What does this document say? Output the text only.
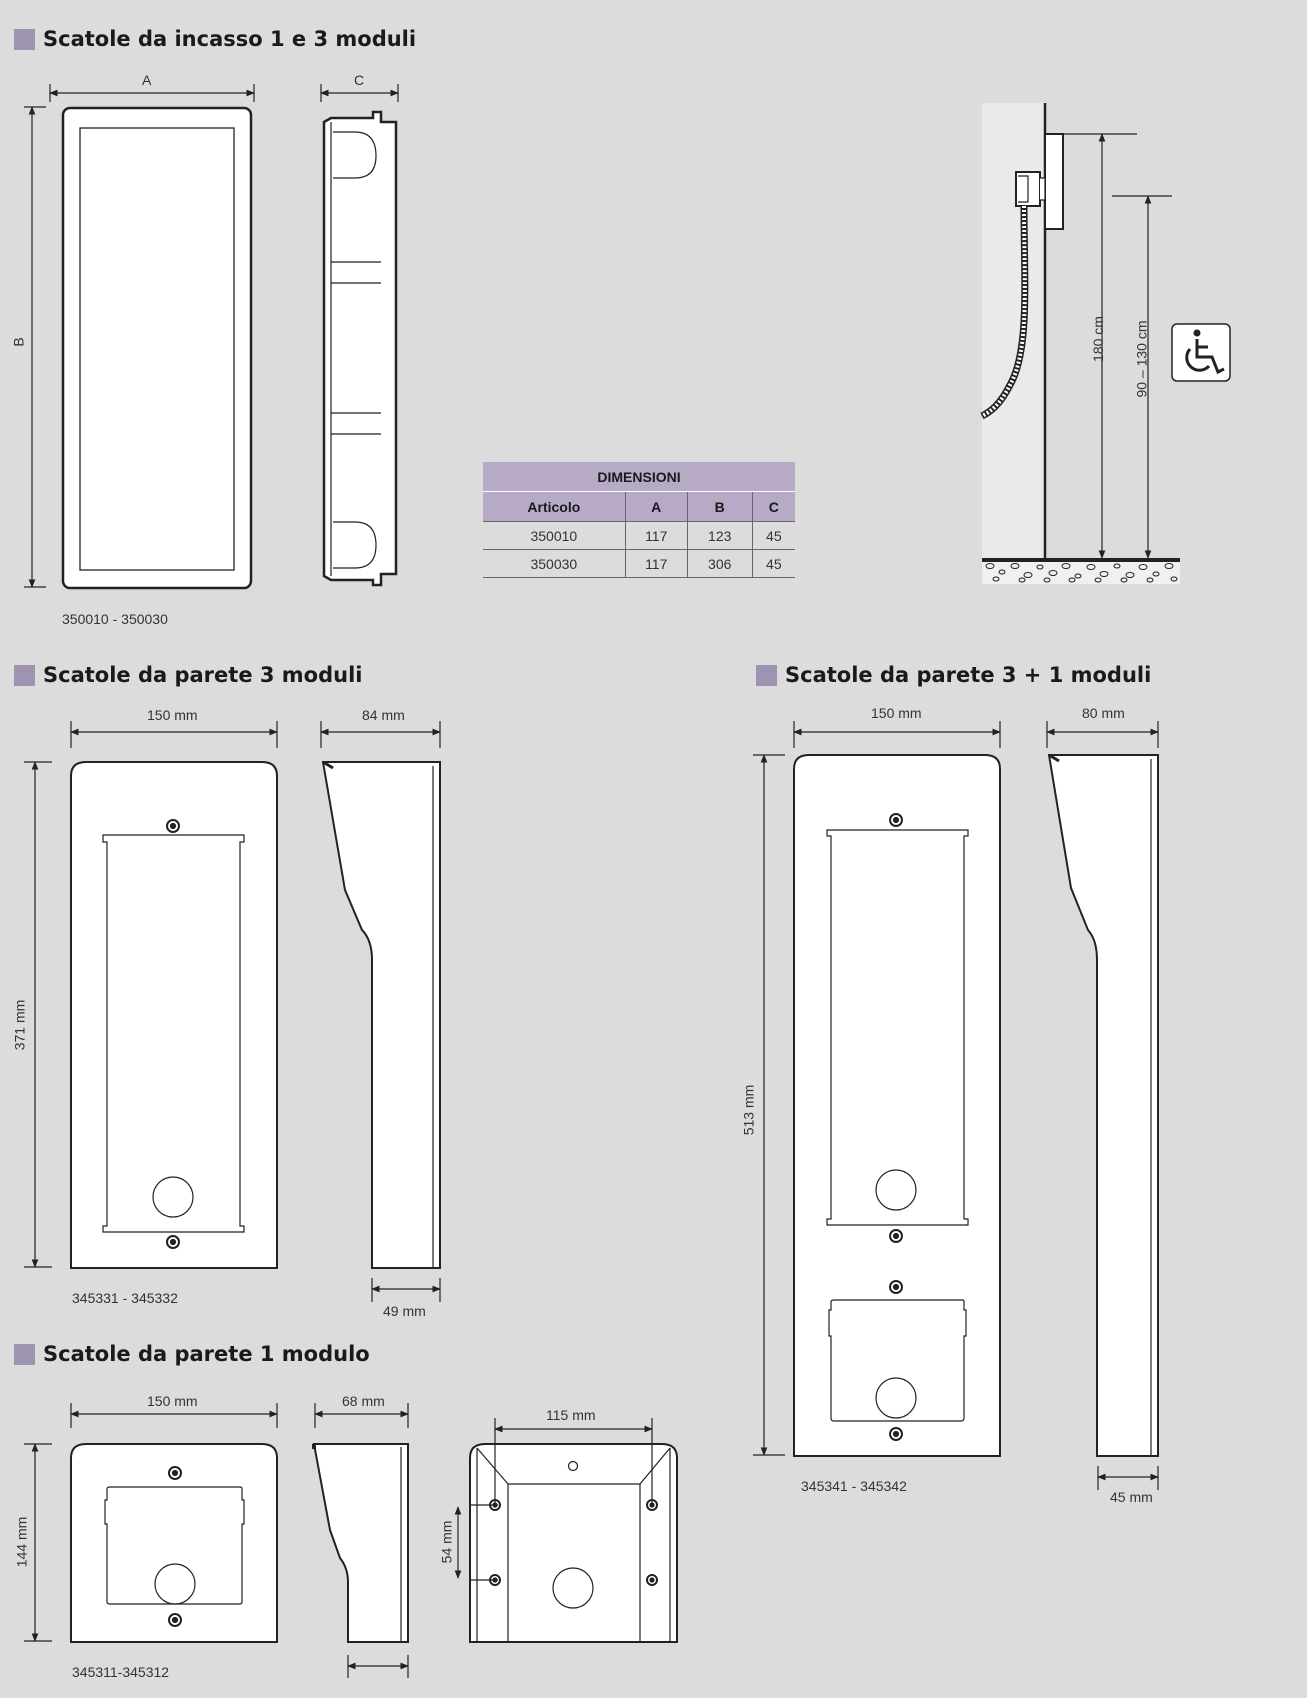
Scatole da incasso 1 e 3 moduli
Scatole da parete 3 moduli	Scatole da parete 3 + 1 moduli
Scatole da parete 1 modulo
A	C
B
350010 - 350030
DIMENSIONI			
Articolo	A	B	C
350010	117	123	45
350030	117	306	45
180 cm 90 – 130 cm
150 mm	84 mm
371 mm
49 mm
345331 - 345332
150 mm	80 mm
513 mm
45 mm
345341 - 345342
150 mm	68 mm
144 mm
115 mm
54 mm
345311-345312
